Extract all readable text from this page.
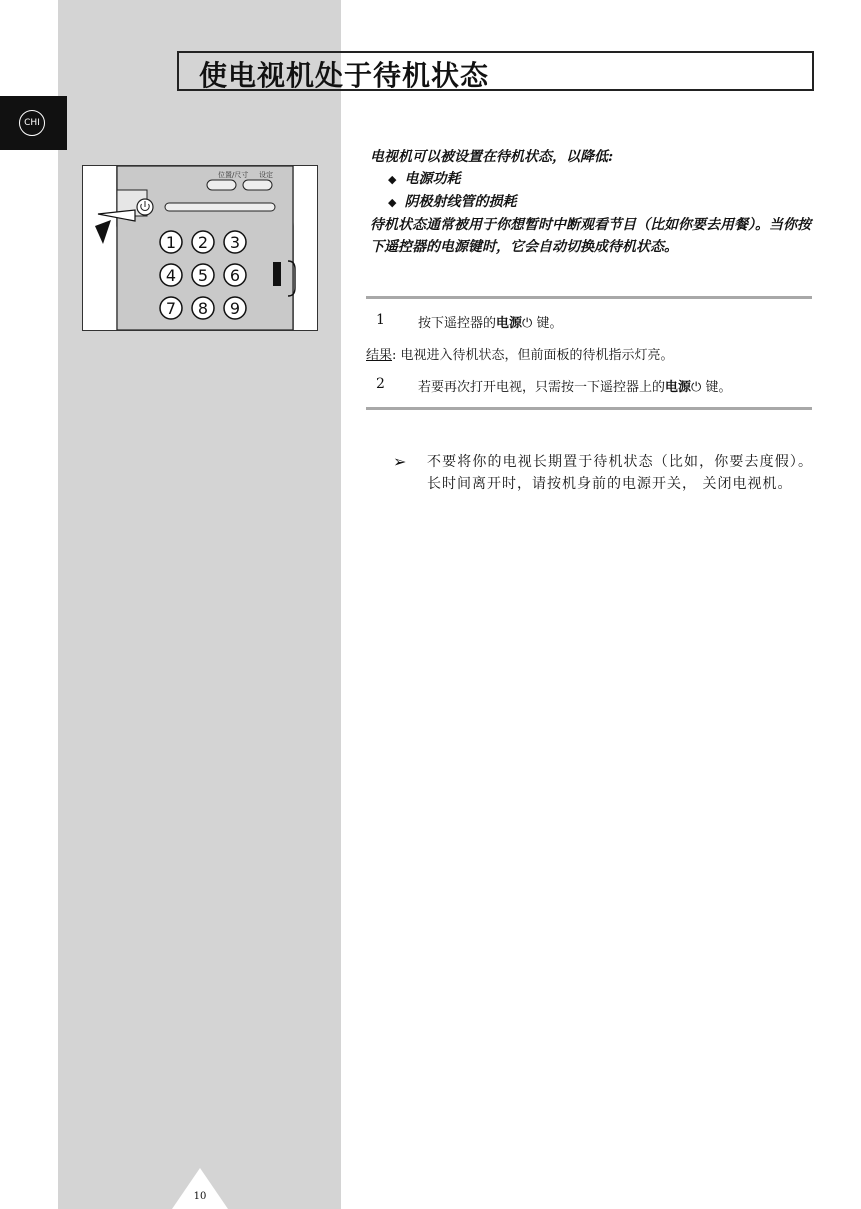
使电视机处于待机状态
CHI
位置/尺寸 设定
1 2 3
4 5 6
7 8 9

电视机可以被设置在待机状态，以降低:

◆ 电源功耗

◆ 阴极射线管的损耗

待机状态通常被用于你想暂时中断观看节目（比如你要去用餐）。当你按下遥控器的电源键时，它会自动切换成待机状态。

1	按下遥控器的电源⏻ 键。
结果 : 电视进入待机状态，但前面板的待机指示灯亮。
2	若要再次打开电视，只需按一下遥控器上的电源⏻ 键。
➢	不要将你的电视长期置于待机状态（比如，你要去度假）。长时间离开时，请按机身前的电源开关， 关闭电视机。
10
